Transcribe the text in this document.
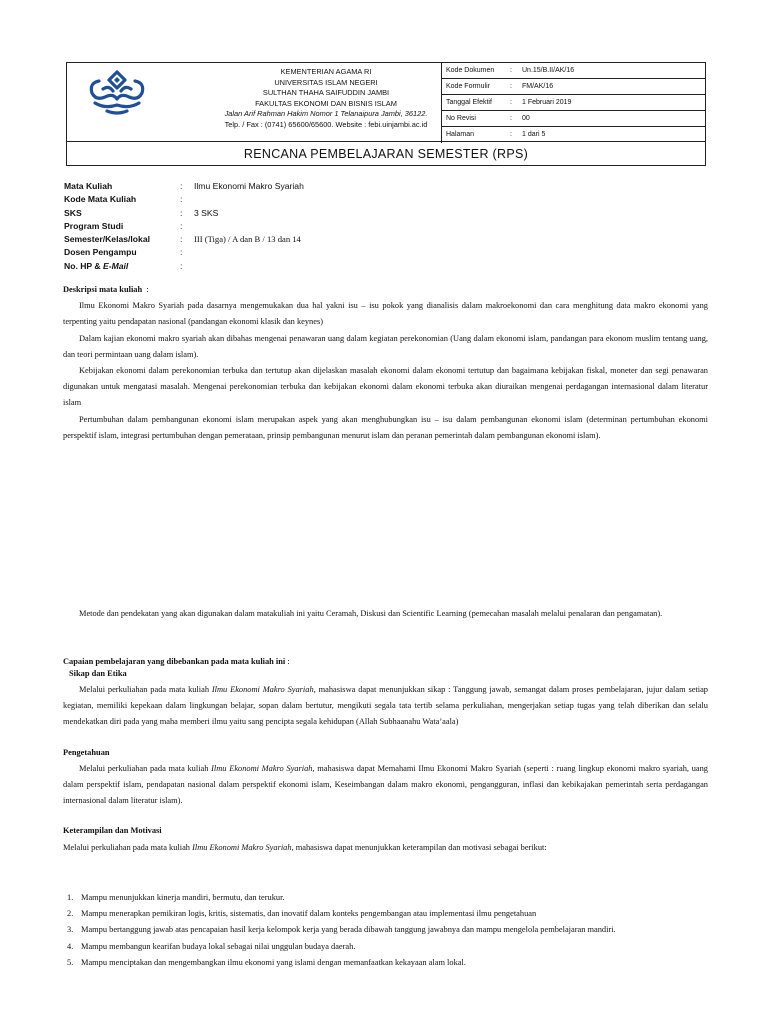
KEMENTERIAN AGAMA RI
UNIVERSITAS ISLAM NEGERI
SULTHAN THAHA SAIFUDDIN JAMBI
FAKULTAS EKONOMI DAN BISNIS ISLAM
Jalan Arif Rahman Hakim Nomor 1 Telanaipura Jambi, 36122.
Telp. / Fax : (0741) 65600/65600. Website : febi.uinjambi.ac.id
Kode Dokumen : Un.15/B.II/AK/16
Kode Formulir	: FM/AK/16
Tanggal Efektif	: 1 Februari 2019
No Revisi	: 00
Halaman	: 1 dari 5
RENCANA PEMBELAJARAN SEMESTER (RPS)
Mata Kuliah	: Ilmu Ekonomi Makro Syariah
Kode Mata Kuliah	:
SKS	: 3 SKS
Program Studi	:
Semester/Kelas/lokal	: III (Tiga) / A dan B / 13 dan 14
Dosen Pengampu	:
No. HP & E-Mail	:
Deskripsi mata kuliah  :
Ilmu Ekonomi Makro Syariah pada dasarnya mengemukakan dua hal yakni isu – isu pokok yang dianalisis dalam makroekonomi dan cara menghitung data makro ekonomi yang terpenting yaitu pendapatan nasional (pandangan ekonomi klasik dan keynes)
Dalam kajian ekonomi makro syariah akan dibahas mengenai penawaran uang dalam kegiatan perekonomian (Uang dalam ekonomi islam, pandangan para ekonom muslim tentang uang, dan teori permintaan uang dalam islam).
Kebijakan ekonomi dalam perekonomian terbuka dan tertutup akan dijelaskan masalah ekonomi dalam ekonomi tertutup dan bagaimana kebijakan fiskal, moneter dan segi penawaran digunakan untuk mengatasi masalah. Mengenai perekonomian terbuka dan kebijakan ekonomi dalam ekonomi terbuka akan diuraikan mengenai perdagangan internasional dalam literatur islam
Pertumbuhan dalam pembangunan ekonomi islam merupakan aspek yang akan menghubungkan isu – isu dalam pembangunan ekonomi islam (determinan pertumbuhan ekonomi perspektif islam, integrasi pertumbuhan dengan pemerataan, prinsip pembangunan menurut islam dan peranan pemerintah dalam pembangunan ekonomi islam).
Metode dan pendekatan yang akan digunakan dalam matakuliah ini yaitu Ceramah, Diskusi dan Scientific Learning (pemecahan masalah melalui penalaran dan pengamatan).
Capaian pembelajaran yang dibebankan pada mata kuliah ini :
Sikap dan Etika
Melalui perkuliahan pada mata kuliah Ilmu Ekonomi Makro Syariah, mahasiswa dapat menunjukkan sikap : Tanggung jawab, semangat dalam proses pembelajaran, jujur dalam setiap kegiatan, memiliki kepekaan dalam lingkungan belajar, sopan dalam bertutur, mengikuti segala tata tertib selama perkuliahan, mengerjakan setiap tugas yang telah diberikan dan selalu mendekatkan diri pada yang maha memberi ilmu yaitu sang pencipta segala kehidupan (Allah Subhaanahu Wata’aala)
Pengetahuan
Melalui perkuliahan pada mata kuliah Ilmu Ekonomi Makro Syariah, mahasiswa dapat Memahami Ilmu Ekonomi Makro Syariah (seperti : ruang lingkup ekonomi makro syariah, uang dalam perspektif islam, pendapatan nasional dalam perspektif ekonomi islam, Keseimbangan dalam makro ekonomi, pengangguran, inflasi dan kebikajakan pemerintah serta perdagangan internasional dalam literatur islam).
Keterampilan dan Motivasi
Melalui perkuliahan pada mata kuliah Ilmu Ekonomi Makro Syariah, mahasiswa dapat menunjukkan keterampilan dan motivasi sebagai berikut:
1. Mampu menunjukkan kinerja mandiri, bermutu, dan terukur.
2. Mampu menerapkan pemikiran logis, kritis, sistematis, dan inovatif dalam konteks pengembangan atau implementasi ilmu pengetahuan
3. Mampu bertanggung jawab atas pencapaian hasil kerja kelompok kerja yang berada dibawah tanggung jawabnya dan mampu mengelola pembelajaran mandiri.
4. Mampu membangun kearifan budaya lokal sebagai nilai unggulan budaya daerah.
5. Mampu menciptakan dan mengembangkan ilmu ekonomi yang islami dengan memanfaatkan kekayaan alam lokal.
